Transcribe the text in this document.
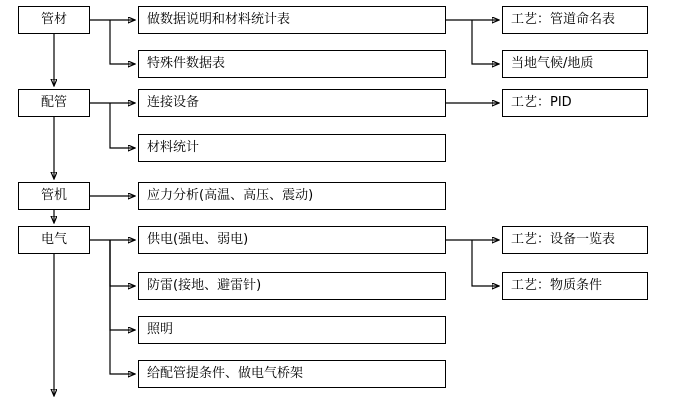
管材
配管
管机
电气
做数据说明和材料统计表
特殊件数据表
连接设备
材料统计
应力分析(高温、高压、震动)
供电(强电、弱电)
防雷(接地、避雷针)
照明
给配管提条件、做电气桥架
工艺：管道命名表
当地气候/地质
工艺：PID
工艺：设备一览表
工艺：物质条件
